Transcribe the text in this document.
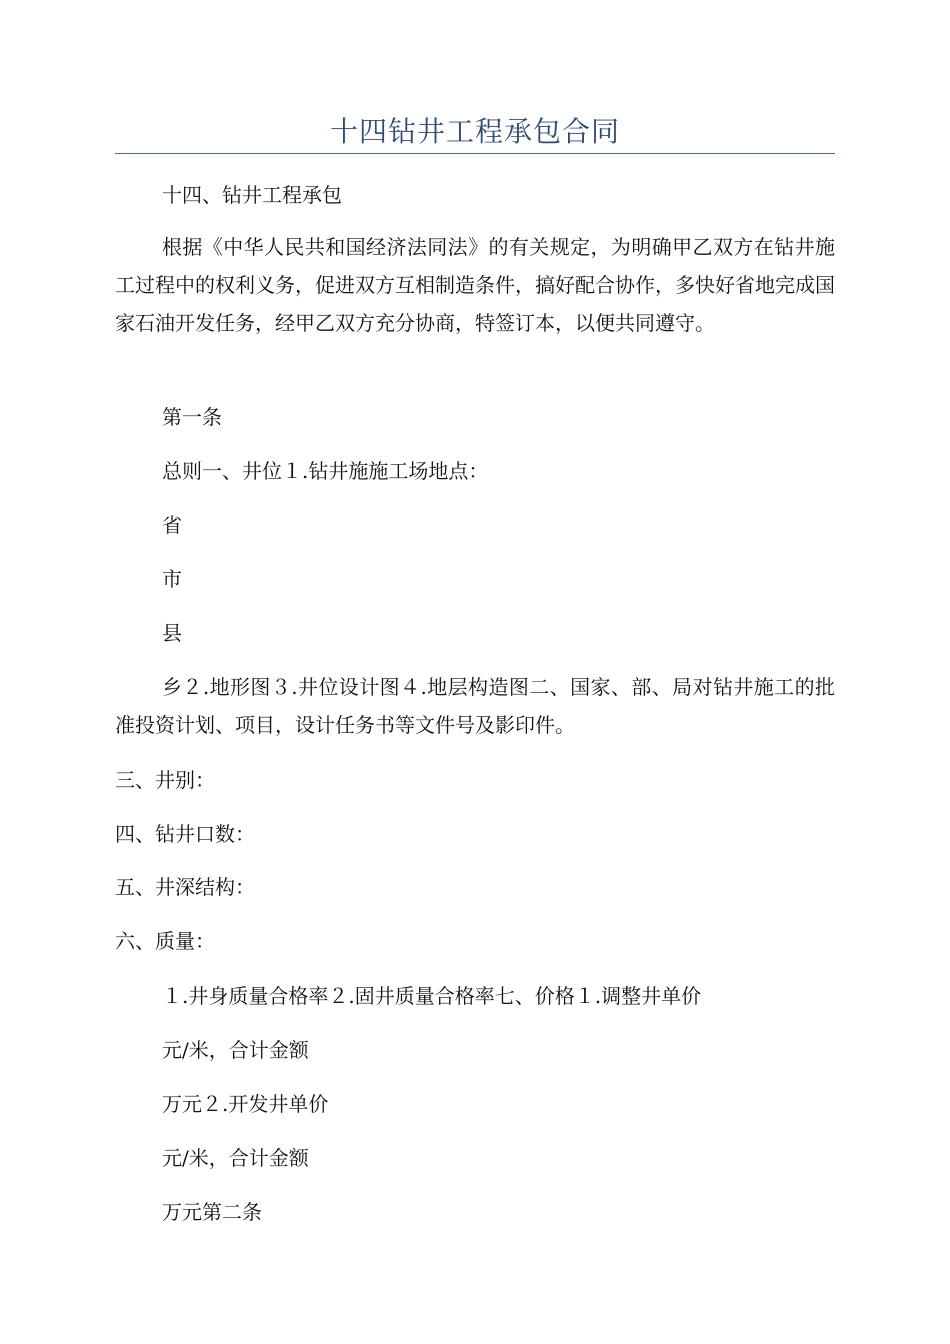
十四钻井工程承包合同
十四、钻井工程承包
根据《中华人民共和国经济法同法》的有关规定，为明确甲乙双方在钻井施工过程中的权利义务，促进双方互相制造条件，搞好配合协作，多快好省地完成国家石油开发任务，经甲乙双方充分协商，特签订本，以便共同遵守。
第一条
总则一、井位１.钻井施施工场地点：
省
市
县
乡２.地形图３.井位设计图４.地层构造图二、国家、部、局对钻井施工的批准投资计划、项目，设计任务书等文件号及影印件。
三、井别：
四、钻井口数：
五、井深结构：
六、质量：
１.井身质量合格率２.固井质量合格率七、价格１.调整井单价
元/米，合计金额
万元２.开发井单价
元/米，合计金额
万元第二条
